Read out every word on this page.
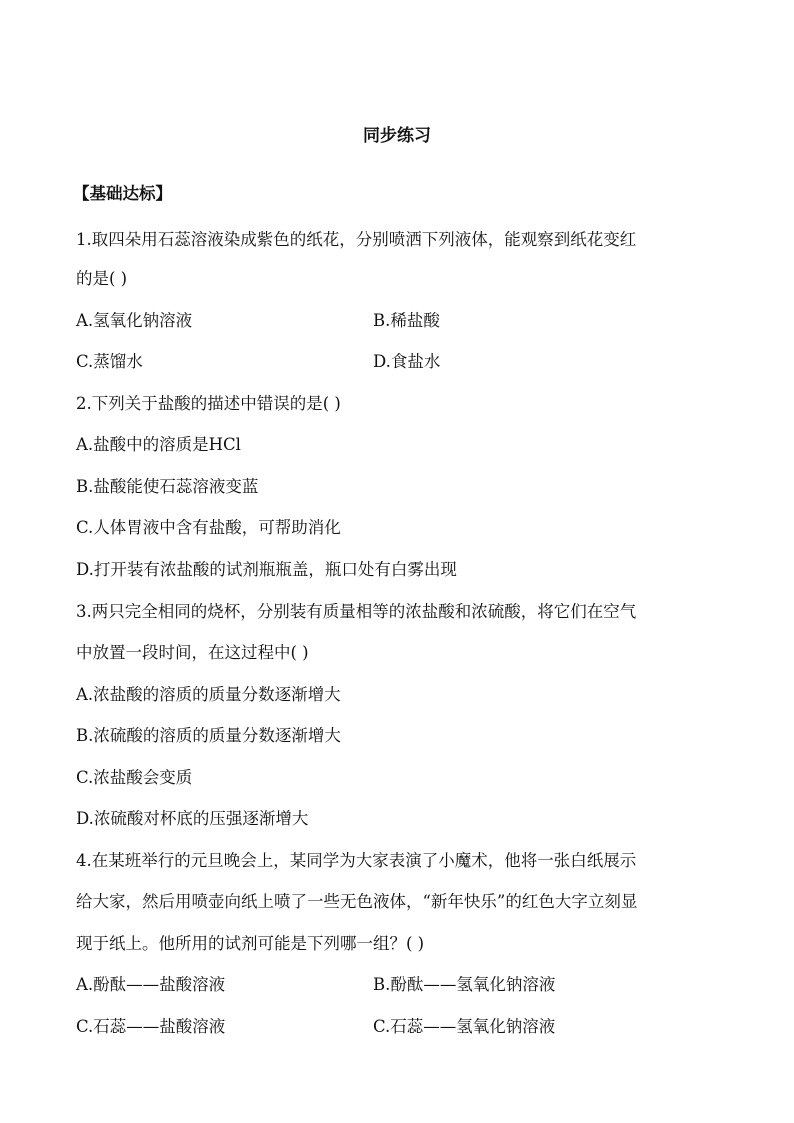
同步练习
【基础达标】
1.取四朵用石蕊溶液染成紫色的纸花，分别喷洒下列液体，能观察到纸花变红
的是( )
A.氢氧化钠溶液	B.稀盐酸
C.蒸馏水	D.食盐水
2.下列关于盐酸的描述中错误的是( )
A.盐酸中的溶质是HCl
B.盐酸能使石蕊溶液变蓝
C.人体胃液中含有盐酸，可帮助消化
D.打开装有浓盐酸的试剂瓶瓶盖，瓶口处有白雾出现
3.两只完全相同的烧杯，分别装有质量相等的浓盐酸和浓硫酸，将它们在空气
中放置一段时间，在这过程中( )
A.浓盐酸的溶质的质量分数逐渐增大
B.浓硫酸的溶质的质量分数逐渐增大
C.浓盐酸会变质
D.浓硫酸对杯底的压强逐渐增大
4.在某班举行的元旦晚会上，某同学为大家表演了小魔术，他将一张白纸展示
给大家，然后用喷壶向纸上喷了一些无色液体，“新年快乐”的红色大字立刻显
现于纸上。他所用的试剂可能是下列哪一组？( )
A.酚酞——盐酸溶液	B.酚酞——氢氧化钠溶液
C.石蕊——盐酸溶液	C.石蕊——氢氧化钠溶液
